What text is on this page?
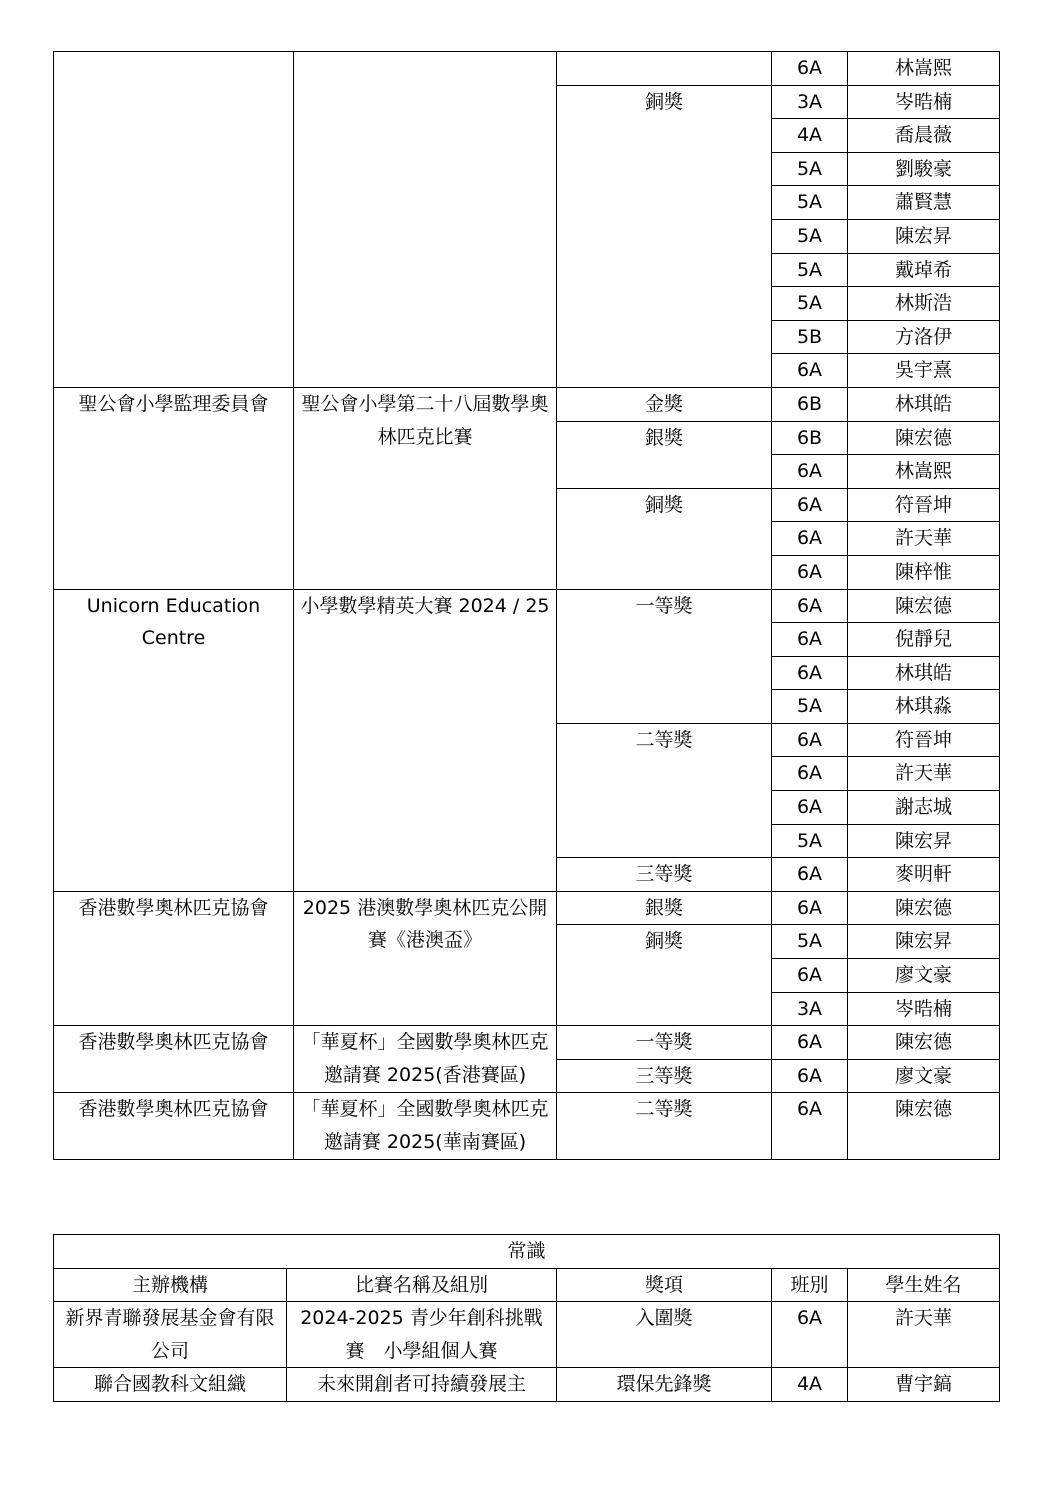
			6A	林嵩熙
		銅獎	3A	岑晧楠
			4A	喬晨薇
			5A	劉駿豪
			5A	蕭賢慧
			5A	陳宏昇
			5A	戴琸希
			5A	林斯浩
			5B	方洛伊
			6A	吳宇熹
聖公會小學監理委員會	聖公會小學第二十八屆數學奧林匹克比賽	金獎	6B	林琪皓
		銀獎	6B	陳宏德
			6A	林嵩熙
		銅獎	6A	符晉坤
			6A	許天華
			6A	陳梓惟
Unicorn Education Centre	小學數學精英大賽 2024 / 25	一等獎	6A	陳宏德
			6A	倪靜兒
			6A	林琪皓
			5A	林琪淼
		二等獎	6A	符晉坤
			6A	許天華
			6A	謝志城
			5A	陳宏昇
		三等獎	6A	麥明軒
香港數學奧林匹克協會	2025 港澳數學奧林匹克公開賽《港澳盃》	銀獎	6A	陳宏德
		銅獎	5A	陳宏昇
			6A	廖文豪
			3A	岑晧楠
香港數學奧林匹克協會	「華夏杯」全國數學奧林匹克邀請賽 2025(香港賽區)	一等獎	6A	陳宏德
		三等獎	6A	廖文豪
香港數學奧林匹克協會	「華夏杯」全國數學奧林匹克邀請賽 2025(華南賽區)	二等獎	6A	陳宏德
常識				
主辦機構	比賽名稱及組別	獎項	班別	學生姓名
新界青聯發展基金會有限公司	2024-2025 青少年創科挑戰賽　小學組個人賽	入圍獎	6A	許天華
聯合國教科文組織	未來開創者可持續發展主	環保先鋒獎	4A	曹宇鎬
